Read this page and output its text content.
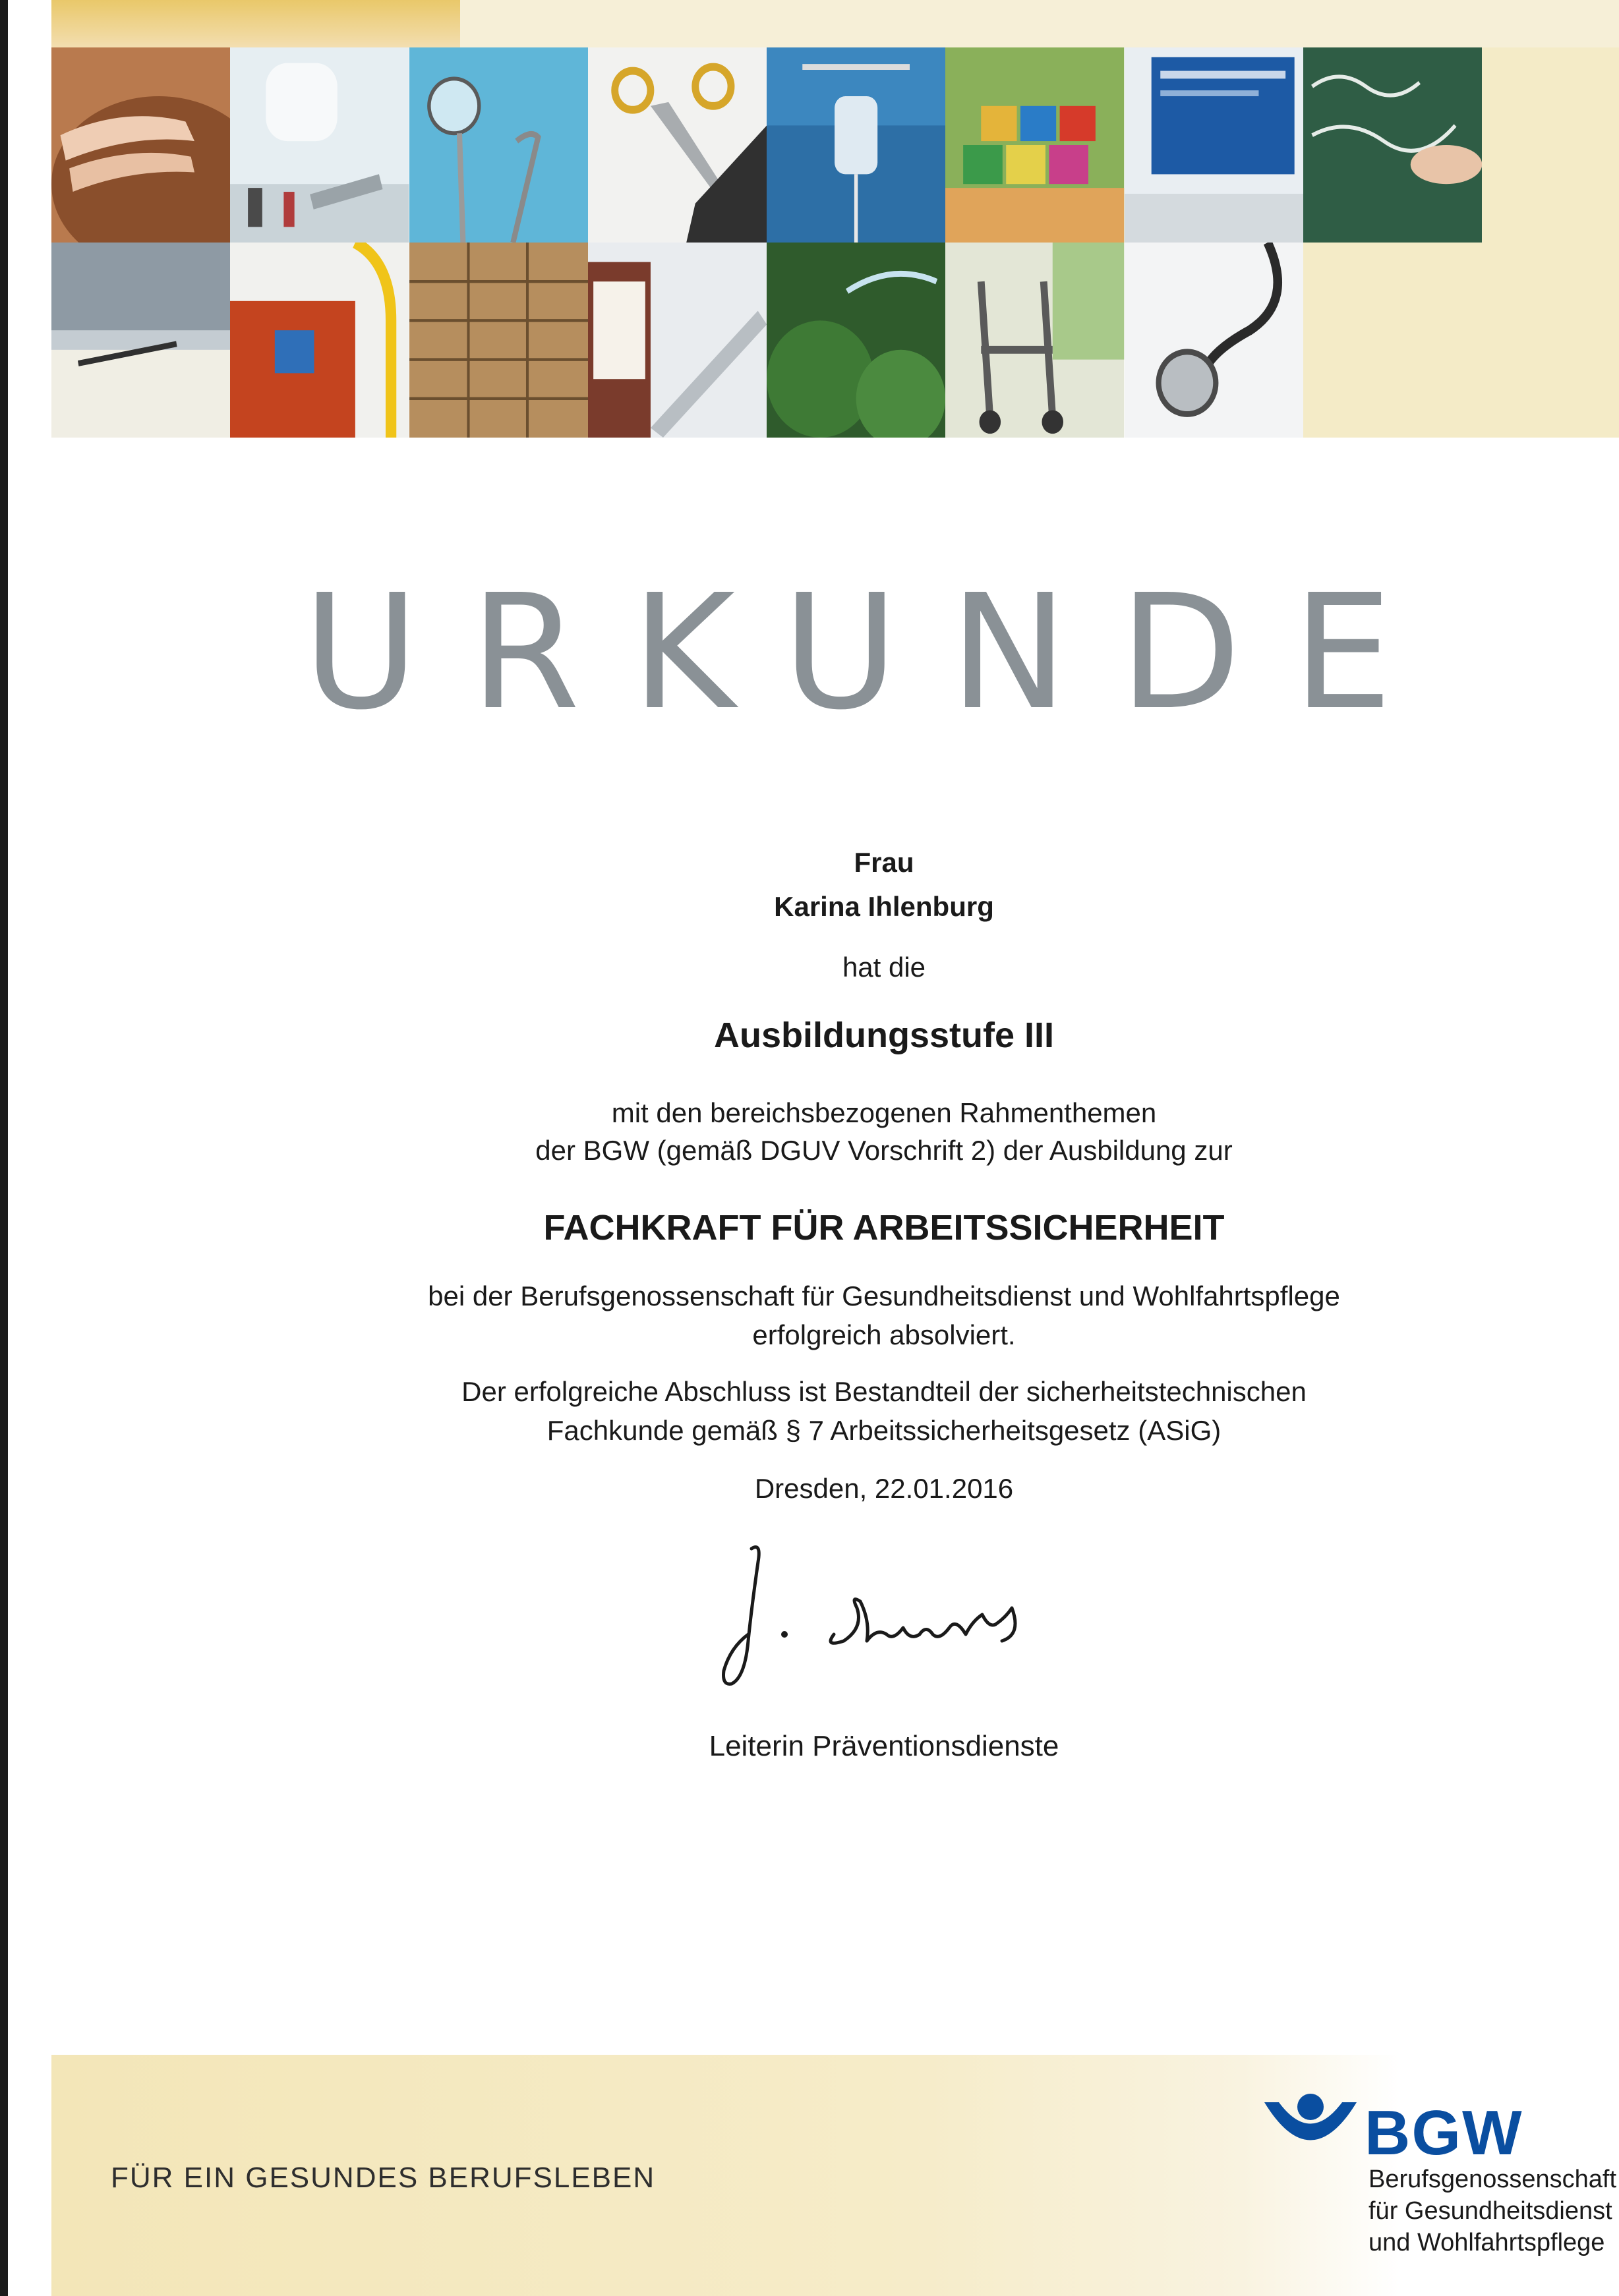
URKUNDE
Frau
Karina Ihlenburg
hat die
Ausbildungsstufe III
mit den bereichsbezogenen Rahmenthemen
der BGW (gemäß DGUV Vorschrift 2) der Ausbildung zur
FACHKRAFT FÜR ARBEITSSICHERHEIT
bei der Berufsgenossenschaft für Gesundheitsdienst und Wohlfahrtspflege
erfolgreich absolviert.
Der erfolgreiche Abschluss ist Bestandteil der sicherheitstechnischen
Fachkunde gemäß § 7 Arbeitssicherheitsgesetz (ASiG)
Dresden, 22.01.2016
Leiterin Präventionsdienste
FÜR EIN GESUNDES BERUFSLEBEN
BGW
Berufsgenossenschaft
für Gesundheitsdienst
und Wohlfahrtspflege
